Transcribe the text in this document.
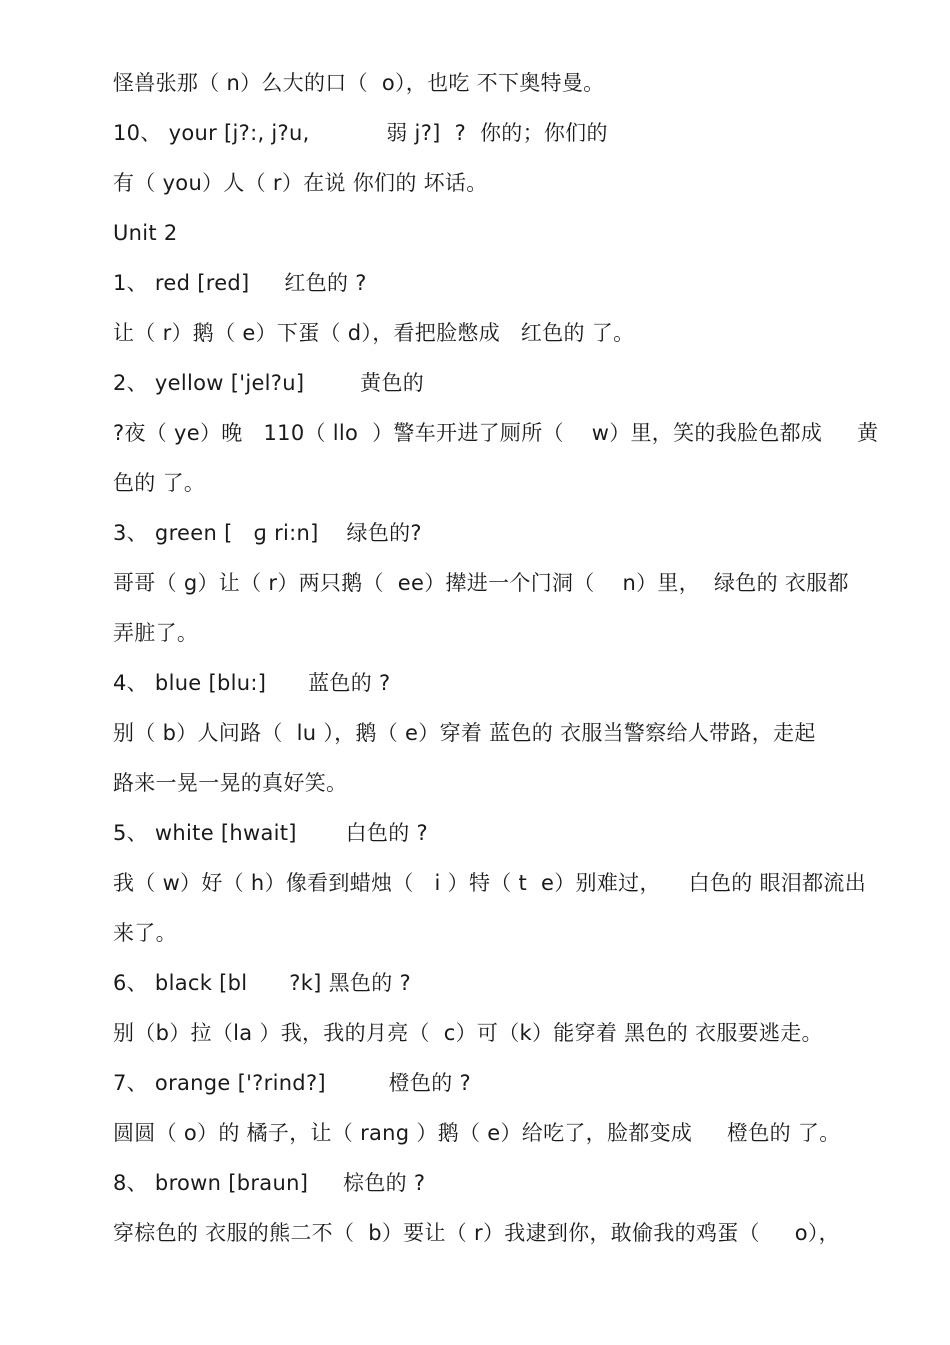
怪兽张那（ n）么大的口（  o），也吃 不下奥特曼。
10、 your [j?:, j?u,           弱 j?]  ?  你的；你们的
有（ you）人（ r）在说 你们的 坏话。
Unit 2
1、 red [red]     红色的 ?
让（ r）鹅（ e）下蛋（ d），看把脸憋成   红色的 了。
2、 yellow ['jel?u]        黄色的
?夜（ ye）晚   110（ llo  ）警车开进了厕所（    w）里，笑的我脸色都成     黄
色的 了。
3、 green [   ɡ ri:n]    绿色的?
哥哥（ g）让（ r）两只鹅（  ee）撵进一个门洞（    n）里，  绿色的 衣服都
弄脏了。
4、 blue [blu:]      蓝色的 ?
别（ b）人问路（  lu ），鹅（ e）穿着 蓝色的 衣服当警察给人带路，走起
路来一晃一晃的真好笑。
5、 white [hwait]       白色的 ?
我（ w）好（ h）像看到蜡烛（   i ）特（ t  e）别难过，    白色的 眼泪都流出
来了。
6、 black [bl      ?k] 黑色的 ?
别（b）拉（la ）我，我的月亮（  c）可（k）能穿着 黑色的 衣服要逃走。
7、 orange ['?rind?]         橙色的 ?
圆圆（ o）的 橘子，让（ rang ）鹅（ e）给吃了，脸都变成     橙色的 了。
8、 brown [braun]     棕色的 ?
穿棕色的 衣服的熊二不（  b）要让（ r）我逮到你，敢偷我的鸡蛋（     o），
